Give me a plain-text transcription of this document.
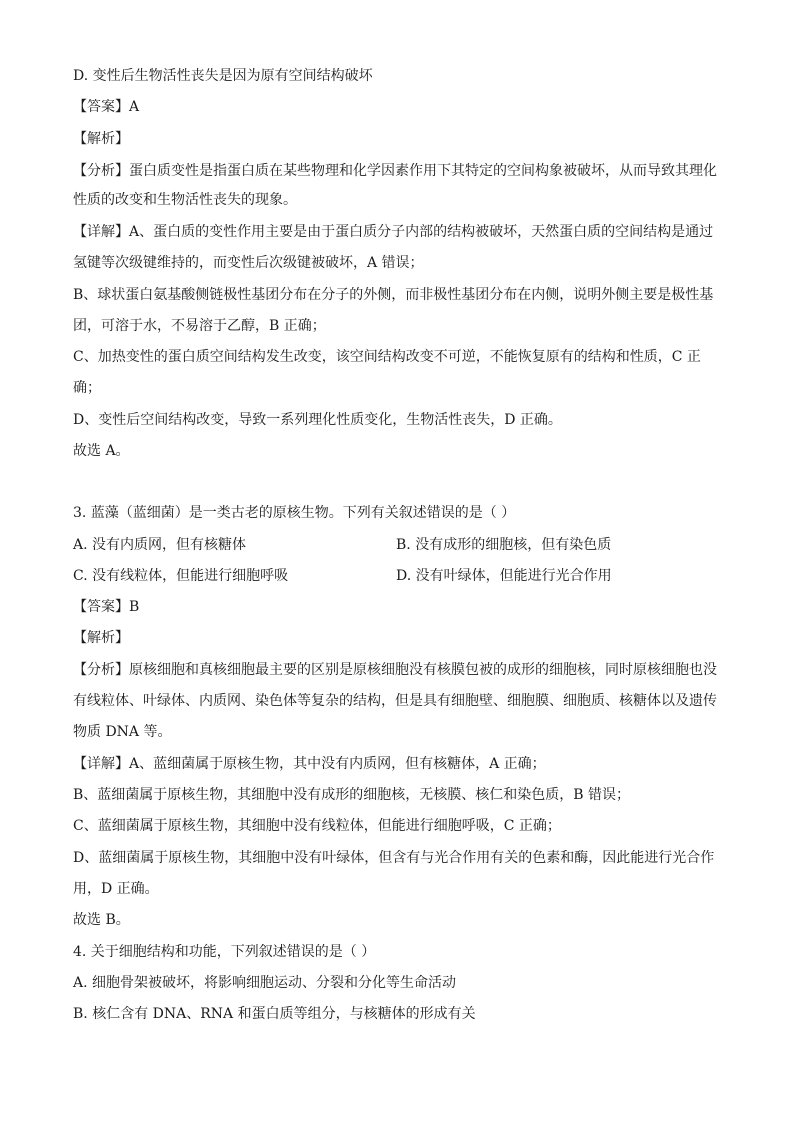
D. 变性后生物活性丧失是因为原有空间结构破坏
【答案】A
【解析】
【分析】蛋白质变性是指蛋白质在某些物理和化学因素作用下其特定的空间构象被破坏，从而导致其理化
性质的改变和生物活性丧失的现象。
【详解】A、蛋白质的变性作用主要是由于蛋白质分子内部的结构被破坏，天然蛋白质的空间结构是通过
氢键等次级键维持的，而变性后次级键被破坏，A 错误；
B、球状蛋白氨基酸侧链极性基团分布在分子的外侧，而非极性基团分布在内侧，说明外侧主要是极性基
团，可溶于水，不易溶于乙醇，B 正确；
C、加热变性的蛋白质空间结构发生改变，该空间结构改变不可逆，不能恢复原有的结构和性质，C 正
确；
D、变性后空间结构改变，导致一系列理化性质变化，生物活性丧失，D 正确。
故选 A。
3. 蓝藻（蓝细菌）是一类古老的原核生物。下列有关叙述错误的是（ ）
A. 没有内质网，但有核糖体	B. 没有成形的细胞核，但有染色质
C. 没有线粒体，但能进行细胞呼吸	D. 没有叶绿体，但能进行光合作用
【答案】B
【解析】
【分析】原核细胞和真核细胞最主要的区别是原核细胞没有核膜包被的成形的细胞核，同时原核细胞也没
有线粒体、叶绿体、内质网、染色体等复杂的结构，但是具有细胞壁、细胞膜、细胞质、核糖体以及遗传
物质 DNA 等。
【详解】A、蓝细菌属于原核生物，其中没有内质网，但有核糖体，A 正确；
B、蓝细菌属于原核生物，其细胞中没有成形的细胞核，无核膜、核仁和染色质，B 错误；
C、蓝细菌属于原核生物，其细胞中没有线粒体，但能进行细胞呼吸，C 正确；
D、蓝细菌属于原核生物，其细胞中没有叶绿体，但含有与光合作用有关的色素和酶，因此能进行光合作
用，D 正确。
故选 B。
4. 关于细胞结构和功能，下列叙述错误的是（ ）
A. 细胞骨架被破坏，将影响细胞运动、分裂和分化等生命活动
B. 核仁含有 DNA、RNA 和蛋白质等组分，与核糖体的形成有关
